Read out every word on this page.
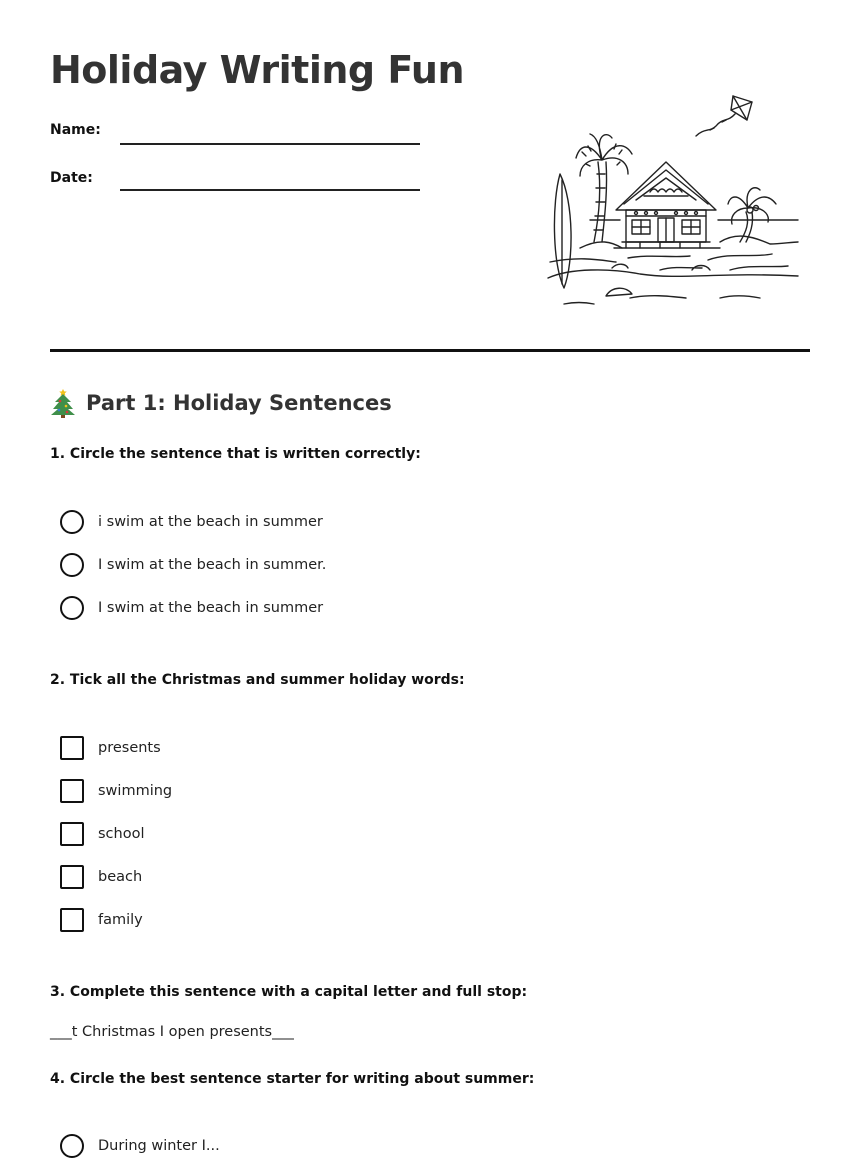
Holiday Writing Fun
Name:
Date:
Part 1: Holiday Sentences

1. Circle the sentence that is written correctly:

i swim at the beach in summer
I swim at the beach in summer.
I swim at the beach in summer

2. Tick all the Christmas and summer holiday words:

presents
swimming
school
beach
family

3. Complete this sentence with a capital letter and full stop:

___t Christmas I open presents___

4. Circle the best sentence starter for writing about summer:

During winter I...
